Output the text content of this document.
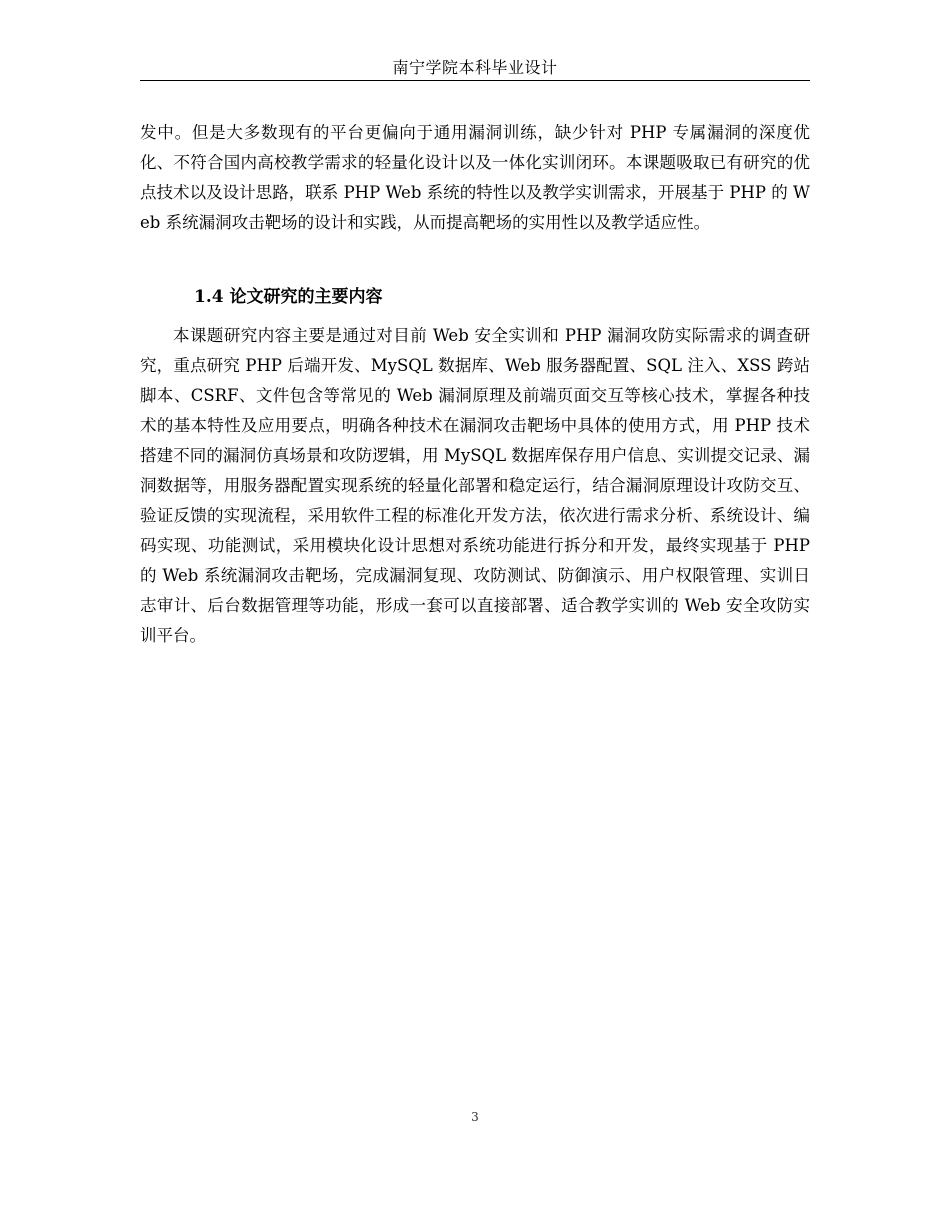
南宁学院本科毕业设计

发中。但是大多数现有的平台更偏向于通用漏洞训练，缺少针对 PHP 专属漏洞的深度优化、不符合国内高校教学需求的轻量化设计以及一体化实训闭环。本课题吸取已有研究的优点技术以及设计思路，联系 PHP Web 系统的特性以及教学实训需求，开展基于 PHP 的 Web 系统漏洞攻击靶场的设计和实践，从而提高靶场的实用性以及教学适应性。

1.4 论文研究的主要内容

本课题研究内容主要是通过对目前 Web 安全实训和 PHP 漏洞攻防实际需求的调查研究，重点研究 PHP 后端开发、MySQL 数据库、Web 服务器配置、SQL 注入、XSS 跨站脚本、CSRF、文件包含等常见的 Web 漏洞原理及前端页面交互等核心技术，掌握各种技术的基本特性及应用要点，明确各种技术在漏洞攻击靶场中具体的使用方式，用 PHP 技术搭建不同的漏洞仿真场景和攻防逻辑，用 MySQL 数据库保存用户信息、实训提交记录、漏洞数据等，用服务器配置实现系统的轻量化部署和稳定运行，结合漏洞原理设计攻防交互、验证反馈的实现流程，采用软件工程的标准化开发方法，依次进行需求分析、系统设计、编码实现、功能测试，采用模块化设计思想对系统功能进行拆分和开发，最终实现基于 PHP 的 Web 系统漏洞攻击靶场，完成漏洞复现、攻防测试、防御演示、用户权限管理、实训日志审计、后台数据管理等功能，形成一套可以直接部署、适合教学实训的 Web 安全攻防实训平台。

3
